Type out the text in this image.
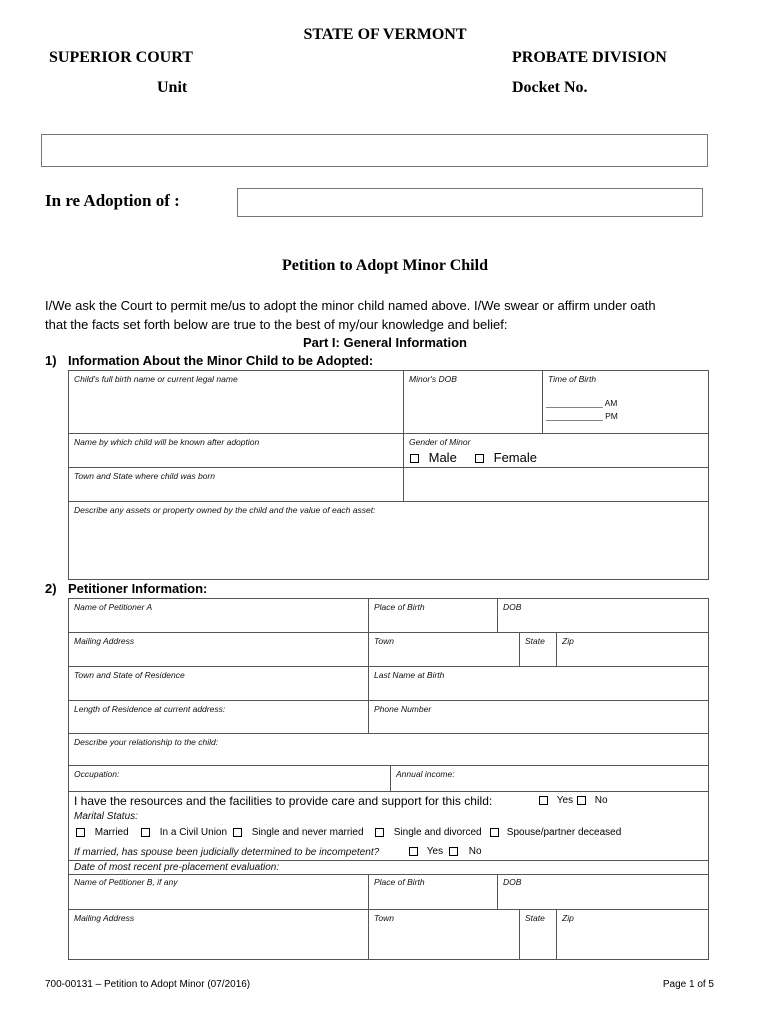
STATE OF VERMONT
SUPERIOR COURT	PROBATE DIVISION
Unit	Docket No.
In re Adoption of :
Petition to Adopt Minor Child
I/We ask the Court to permit me/us to adopt the minor child named above. I/We swear or affirm under oath
that the facts set forth below are true to the best of my/our knowledge and belief:
Part I: General Information
1) Information About the Minor Child to be Adopted:
Child's full birth name or current legal name	Minor's DOB	Time of Birth
____________ AM
____________ PM
Name by which child will be known after adoption	Gender of Minor
Male	Female
Town and State where child was born
Describe any assets or property owned by the child and the value of each asset:
2) Petitioner Information:
Name of Petitioner A	Place of Birth	DOB
Mailing Address	Town	State Zip
Town and State of Residence	Last Name at Birth
Length of Residence at current address:	Phone Number
Describe your relationship to the child:
Occupation:	Annual income:
I have the resources and the facilities to provide care and support for this child:	Yes	No
Marital Status:
Married	In a Civil Union	Single and never married	Single and divorced	Spouse/partner deceased
If married, has spouse been judicially determined to be incompetent?	Yes	No
Date of most recent pre-placement evaluation:
Name of Petitioner B, if any	Place of Birth	DOB
Mailing Address	Town	State Zip
700-00131 – Petition to Adopt Minor (07/2016)	Page 1 of 5
